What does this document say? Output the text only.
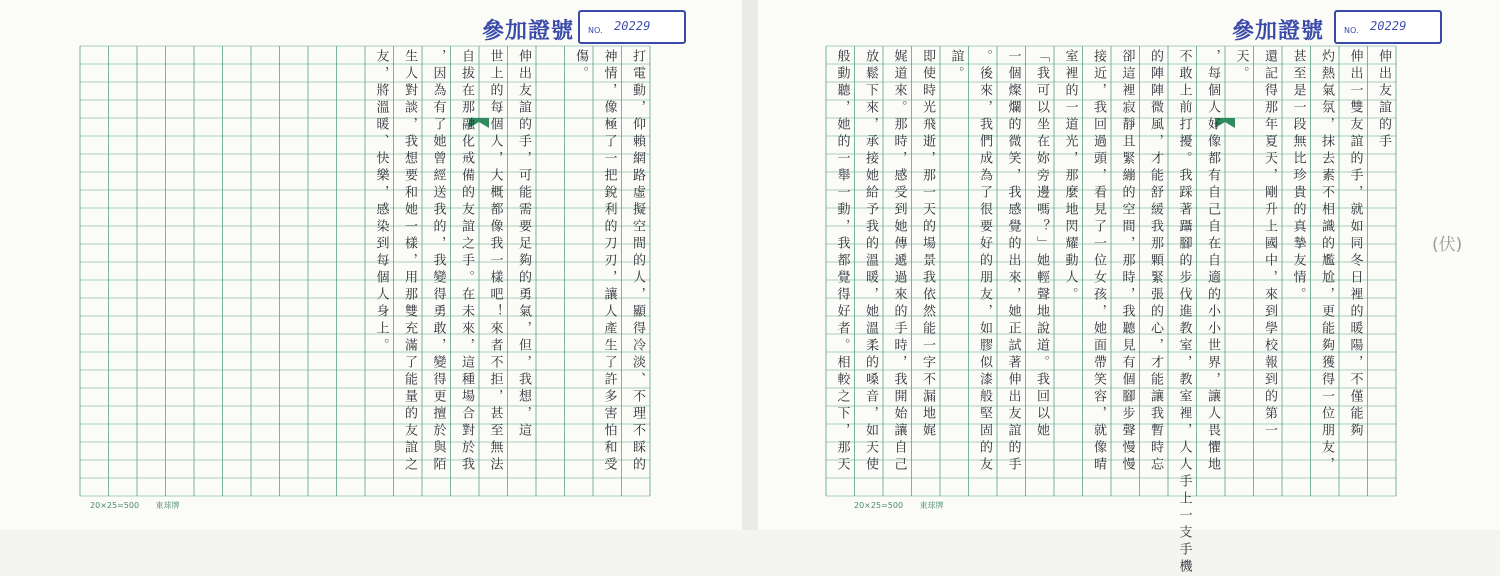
參加證號 NO. 20229
打電動，仰賴網路虛擬空間的人，顯得冷淡、不理不睬的
神情，像極了一把銳利的刀刃，讓人產生了許多害怕和受
傷。
伸出友誼的手，可能需要足夠的勇氣，但，我想，這
世上的每個人，大概都像我一樣吧！來者不拒，甚至無法
自拔在那融化戒備的友誼之手。在未來，這種場合對於我
，因為有了她曾經送我的，我變得勇敢，變得更擅於與陌
生人對談，我想要和她一樣，用那雙充滿了能量的友誼之
友，將溫暖、快樂，感染到每個人身上。
20×25=500 東球牌
參加證號 NO. 20229
伸出友誼的手
伸出一雙友誼的手，就如同冬日裡的暖陽，不僅能夠
灼熱氣氛，抹去素不相識的尷尬，更能夠獲得一位朋友，
甚至是一段無比珍貴的真摯友情。
還記得那年夏天，剛升上國中，來到學校報到的第一
天。
，每個人好像都有自己自在自適的小小世界，讓人畏懼地
不敢上前打擾。我踩著躡腳的步伐進教室，教室裡，人人手上一支手機
的陣陣微風，才能舒緩我那顆緊張的心，才能讓我暫時忘
卻這裡寂靜且緊繃的空間，那時，我聽見有個腳步聲慢慢
接近，我回過頭，看見了一位女孩，她面帶笑容，就像晴
室裡的一道光，那麼地閃耀動人。
「我可以坐在妳旁邊嗎？」她輕聲地說道。我回以她
一個燦爛的微笑，我感覺的出來，她正試著伸出友誼的手
。後來，我們成為了很要好的朋友，如膠似漆般堅固的友
誼。
即使時光飛逝，那一天的場景我依然能一字不漏地娓
娓道來。那時，感受到她傳遞過來的手時，我開始讓自己
放鬆下來，承接她給予我的溫暖，她溫柔的嗓音，如天使
般動聽，她的一舉一動，我都覺得好者。相較之下，那天
20×25=500 東球牌
(伏)
